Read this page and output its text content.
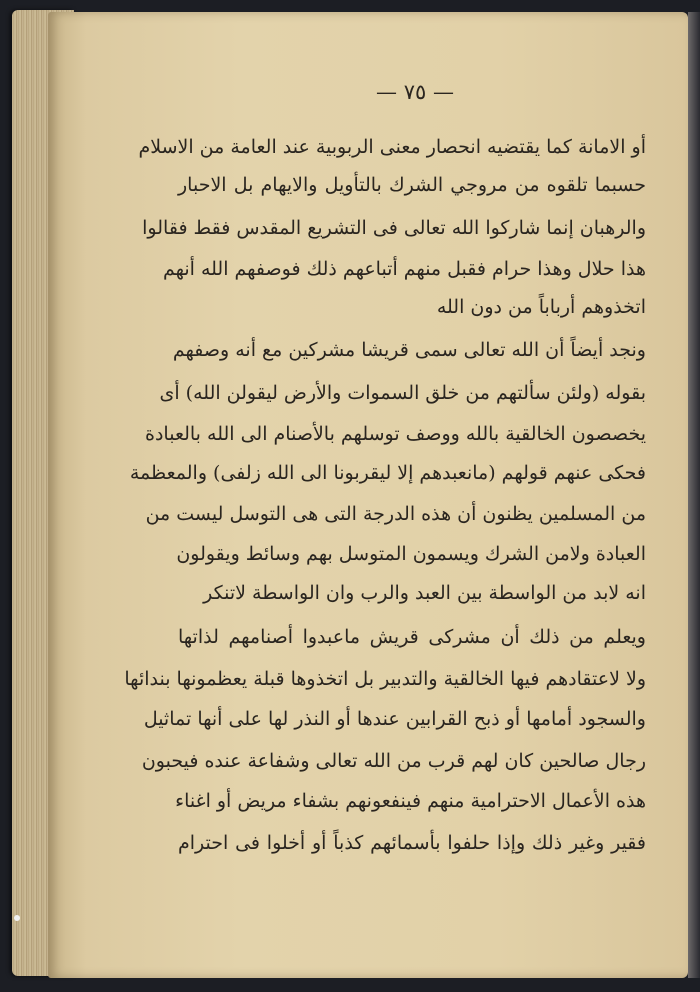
— ٧٥ —
أو الامانة كما يقتضيه انحصار معنى الربوبية عند العامة من الاسلام
حسبما تلقوه من مروجي الشرك بالتأويل والايهام بل الاحبار
والرهبان إنما شاركوا الله تعالى فى التشريع المقدس فقط فقالوا
هذا حلال وهذا حرام فقبل منهم أتباعهم ذلك فوصفهم الله أنهم
اتخذوهم أرباباً من دون الله
ونجد أيضاً أن الله تعالى سمى قريشا مشركين مع أنه وصفهم
بقوله (ولئن سألتهم من خلق السموات والأرض ليقولن الله) أى
يخصصون الخالقية بالله ووصف توسلهم بالأصنام الى الله بالعبادة
فحكى عنهم قولهم (مانعبدهم إلا ليقربونا الى الله زلفى) والمعظمة
من المسلمين يظنون أن هذه الدرجة التى هى التوسل ليست من
العبادة ولامن الشرك ويسمون المتوسل بهم وسائط ويقولون
انه لابد من الواسطة بين العبد والرب وان الواسطة لاتنكر
ويعلم من ذلك أن مشركى قريش ماعبدوا أصنامهم لذاتها
ولا لاعتقادهم فيها الخالقية والتدبير بل اتخذوها قبلة يعظمونها بندائها
والسجود أمامها أو ذبح القرابين عندها أو النذر لها على أنها تماثيل
رجال صالحين كان لهم قرب من الله تعالى وشفاعة عنده فيحبون
هذه الأعمال الاحترامية منهم فينفعونهم بشفاء مريض أو اغناء
فقير وغير ذلك وإذا حلفوا بأسمائهم كذباً أو أخلوا فى احترام
